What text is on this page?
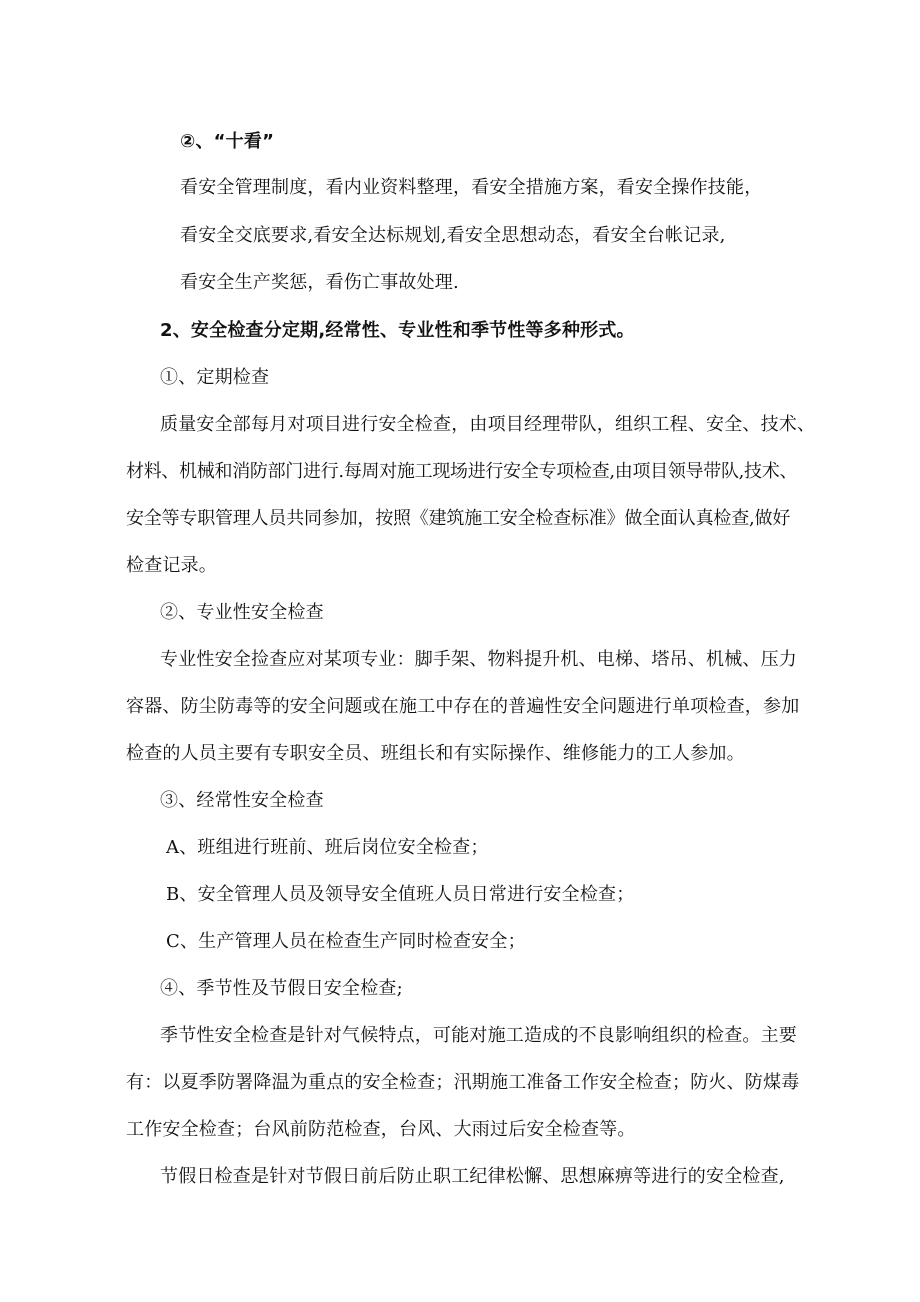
②、“十看”
看安全管理制度，看内业资料整理，看安全措施方案，看安全操作技能，
看安全交底要求,看安全达标规划,看安全思想动态，看安全台帐记录,
看安全生产奖惩，看伤亡事故处理.
2、安全检查分定期,经常性、专业性和季节性等多种形式。
①、定期检查
质量安全部每月对项目进行安全检查，由项目经理带队，组织工程、安全、技术、
材料、机械和消防部门进行.每周对施工现场进行安全专项检查,由项目领导带队,技术、
安全等专职管理人员共同参加，按照《建筑施工安全检查标准》做全面认真检查,做好
检查记录。
②、专业性安全检查
专业性安全捡查应对某项专业：脚手架、物料提升机、电梯、塔吊、机械、压力
容器、防尘防毒等的安全问题或在施工中存在的普遍性安全问题进行单项检查，参加
检查的人员主要有专职安全员、班组长和有实际操作、维修能力的工人参加。
③、经常性安全检查
A、班组进行班前、班后岗位安全检查；
B、安全管理人员及领导安全值班人员日常进行安全检查；
C、生产管理人员在检查生产同时检查安全；
④、季节性及节假日安全检查;
季节性安全检查是针对气候特点，可能对施工造成的不良影响组织的检查。主要
有：以夏季防署降温为重点的安全检查；汛期施工准备工作安全检查；防火、防煤毒
工作安全检查；台风前防范检查，台风、大雨过后安全检查等。
节假日检查是针对节假日前后防止职工纪律松懈、思想麻痹等进行的安全检查,
